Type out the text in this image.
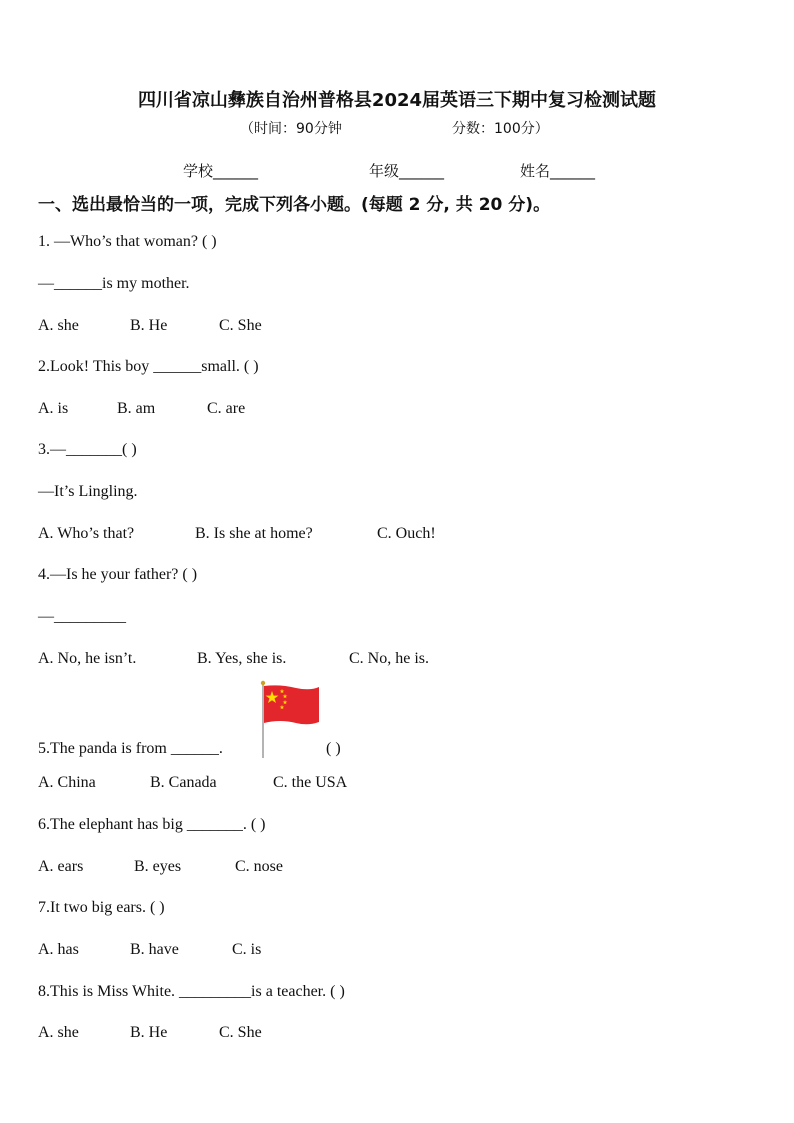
四川省凉山彝族自治州普格县2024届英语三下期中复习检测试题
（时间：90分钟	分数：100分）
学校______	年级______	姓名______
一、选出最恰当的一项，完成下列各小题。(每题 2 分, 共 20 分)。
1. —Who’s that woman? ( )
—______is my mother.
A. she	B. He	C. She
2.Look! This boy ______small. ( )
A. is	B. am	C. are
3.—_______( )
—It’s Lingling.
A. Who’s that?	B. Is she at home?	C. Ouch!
4.—Is he your father? ( )
—_________
A. No, he isn’t.	B. Yes, she is.	C. No, he is.
5.The panda is from ______.	( )
A. China	B. Canada	C. the USA
6.The elephant has big _______. ( )
A. ears	B. eyes	C. nose
7.It two big ears. ( )
A. has	B. have	C. is
8.This is Miss White. _________is a teacher. ( )
A. she	B. He	C. She
